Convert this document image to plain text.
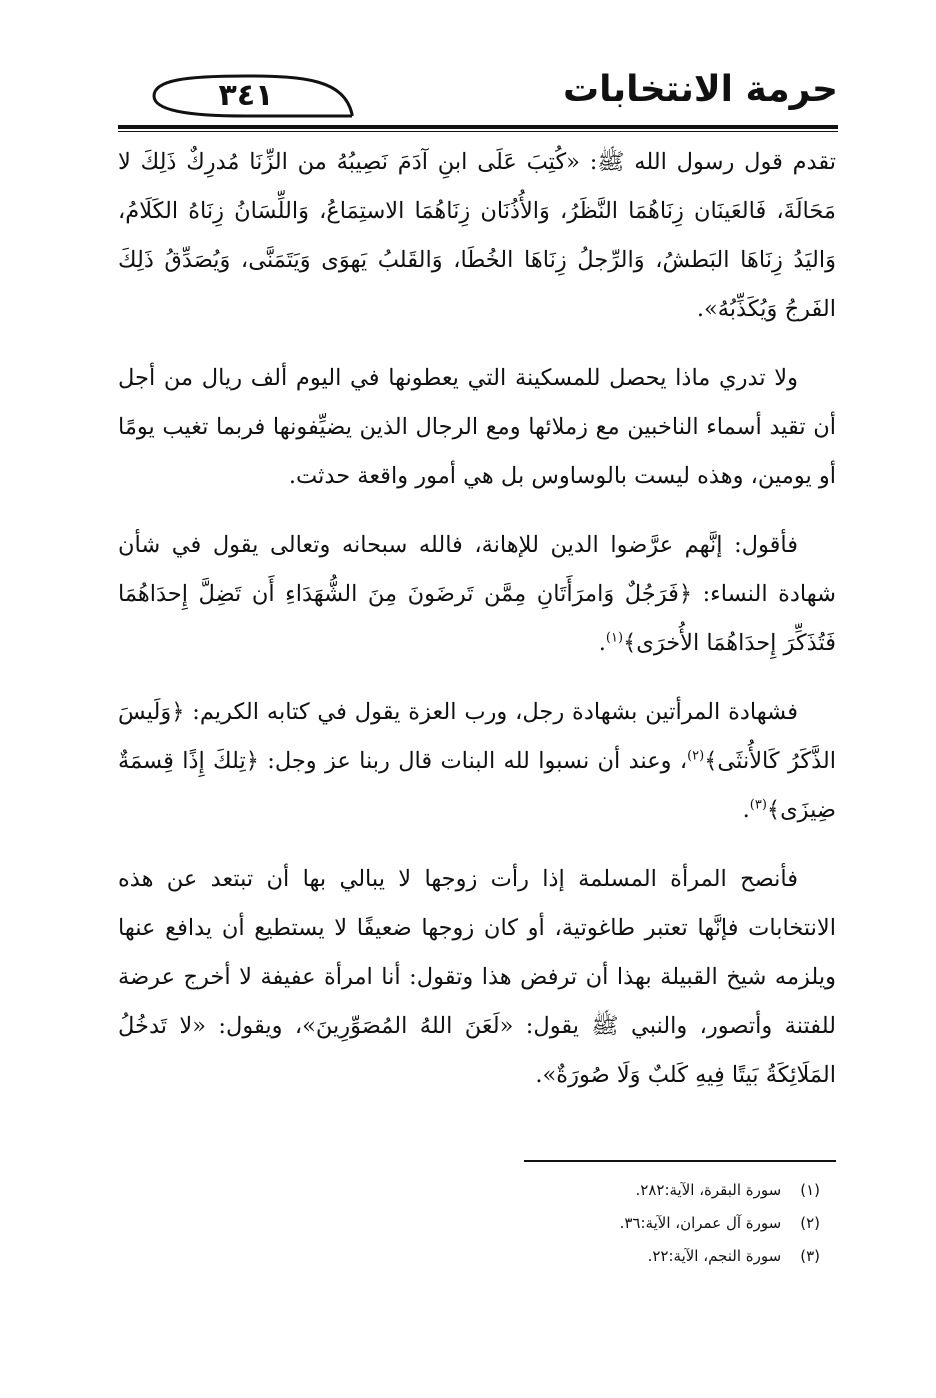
حرمة الانتخابات
٣٤١

تقدم قول رسول الله ﷺ: «كُتِبَ عَلَى ابنِ آدَمَ نَصِيبُهُ من الزِّنَا مُدرِكٌ ذَلِكَ لا مَحَالَةَ، فَالعَينَان زِنَاهُمَا النَّظَرُ، وَالأُذُنَان زِنَاهُمَا الاستِمَاعُ، وَاللِّسَانُ زِنَاهُ الكَلَامُ، وَاليَدُ زِنَاهَا البَطشُ، وَالرِّجلُ زِنَاهَا الخُطَا، وَالقَلبُ يَهوَى وَيَتَمَنَّى، وَيُصَدِّقُ ذَلِكَ الفَرجُ وَيُكَذِّبُهُ».

ولا تدري ماذا يحصل للمسكينة التي يعطونها في اليوم ألف ريال من أجل أن تقيد أسماء الناخبين مع زملائها ومع الرجال الذين يضيِّفونها فربما تغيب يومًا أو يومين، وهذه ليست بالوساوس بل هي أمور واقعة حدثت.

فأقول: إنَّهم عرَّضوا الدين للإهانة، فالله سبحانه وتعالى يقول في شأن شهادة النساء: ﴿فَرَجُلٌ وَامرَأَتَانِ مِمَّن تَرضَونَ مِنَ الشُّهَدَاءِ أَن تَضِلَّ إِحدَاهُمَا فَتُذَكِّرَ إِحدَاهُمَا الأُخرَى﴾$^{(١)}$.

فشهادة المرأتين بشهادة رجل، ورب العزة يقول في كتابه الكريم: ﴿وَلَيسَ الذَّكَرُ كَالأُنثَى﴾$^{(٢)}$، وعند أن نسبوا لله البنات قال ربنا عز وجل: ﴿تِلكَ إِذًا قِسمَةٌ ضِيزَى﴾$^{(٣)}$.

فأنصح المرأة المسلمة إذا رأت زوجها لا يبالي بها أن تبتعد عن هذه الانتخابات فإنَّها تعتبر طاغوتية، أو كان زوجها ضعيفًا لا يستطيع أن يدافع عنها ويلزمه شيخ القبيلة بهذا أن ترفض هذا وتقول: أنا امرأة عفيفة لا أخرج عرضة للفتنة وأتصور، والنبي ﷺ يقول: «لَعَنَ اللهُ المُصَوِّرِينَ»، ويقول: «لا تَدخُلُ المَلَائِكَةُ بَيتًا فِيهِ كَلبٌ وَلَا صُورَةٌ».

(١) سورة البقرة، الآية:٢٨٢.
(٢) سورة آل عمران، الآية:٣٦.
(٣) سورة النجم، الآية:٢٢.
